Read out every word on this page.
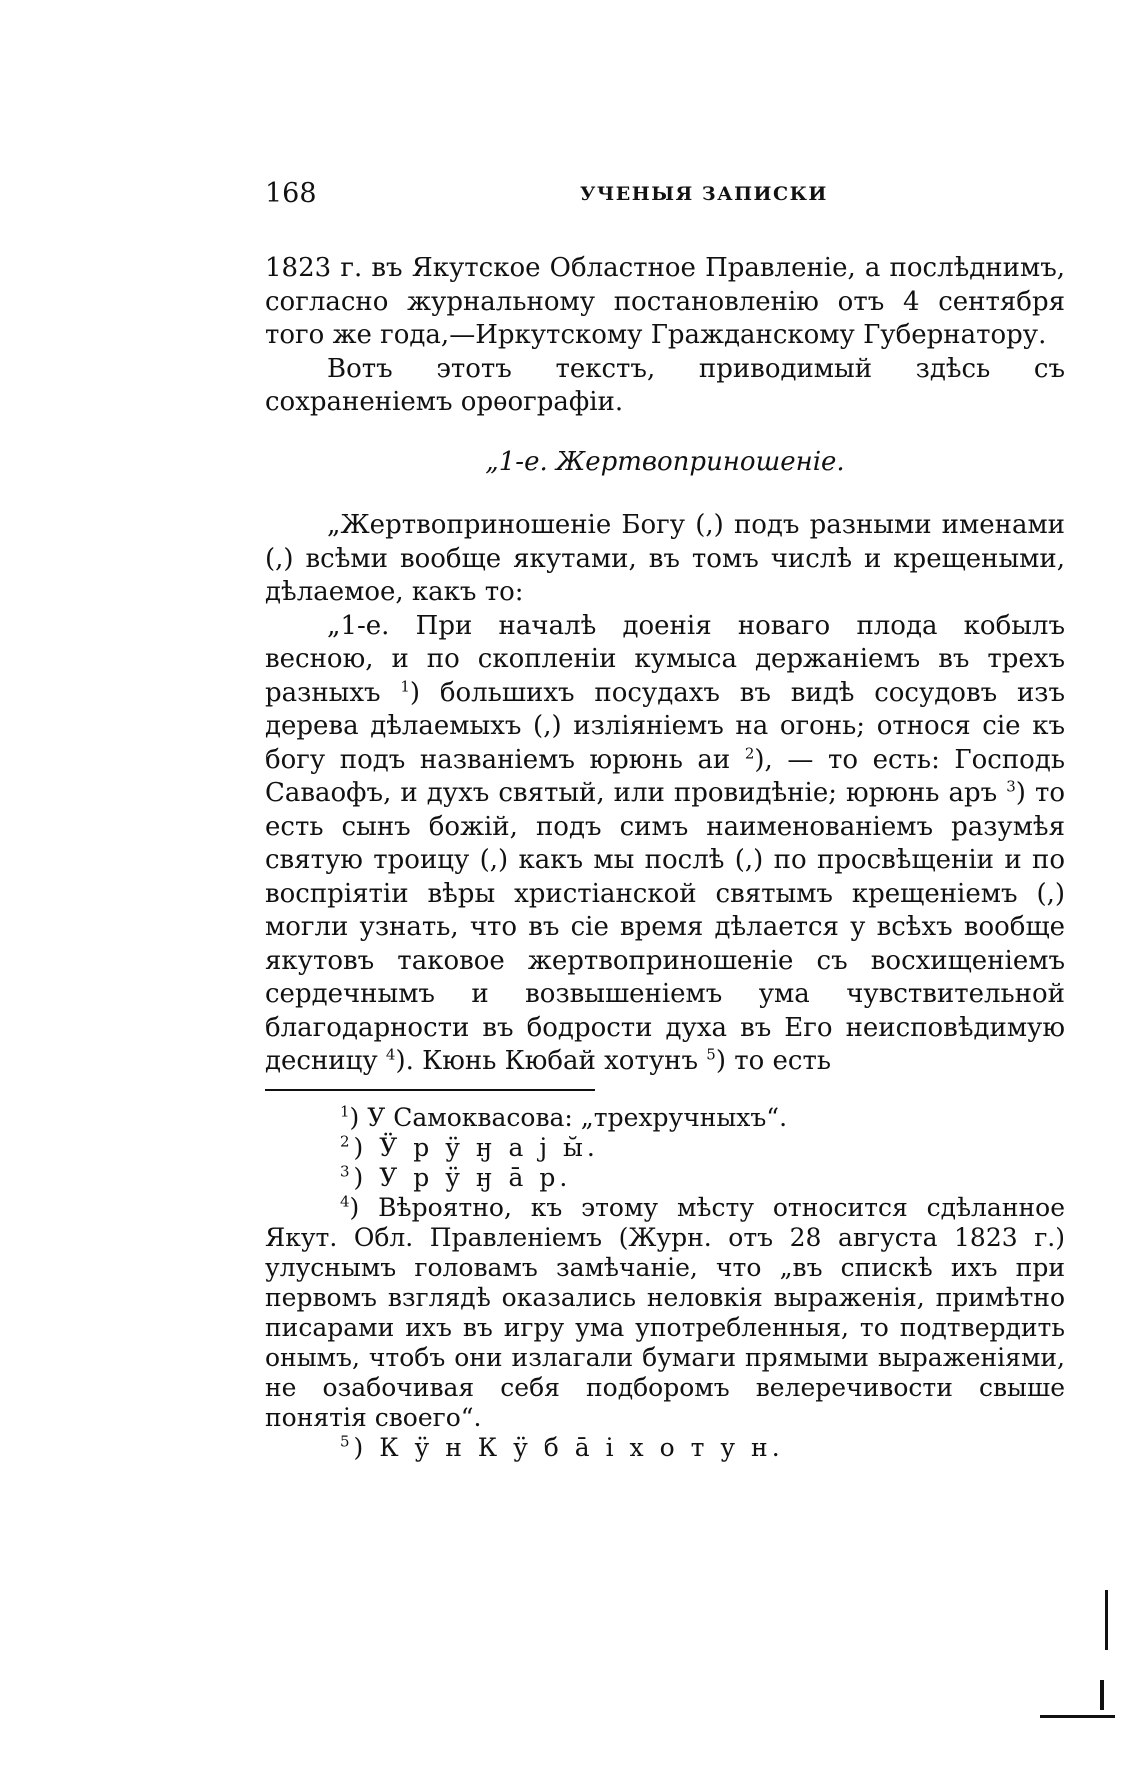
168	УЧЕНЫЯ ЗАПИСКИ

1823 г. въ Якутское Областное Правленіе, а послѣднимъ, согласно журнальному постановленію отъ 4 сентября того же года,—Иркутскому Гражданскому Губернатору.

Вотъ этотъ текстъ, приводимый здѣсь съ сохраненіемъ орѳографіи.

„1-е. Жертвоприношеніе.

„Жертвоприношеніе Богу (,) подъ разными именами (,) всѣми вообще якутами, въ томъ числѣ и крещеными, дѣлаемое, какъ то:

„1-е. При началѣ доенія новаго плода кобылъ весною, и по скопленіи кумыса держаніемъ въ трехъ разныхъ $^1$) большихъ посудахъ въ видѣ сосудовъ изъ дерева дѣлаемыхъ (,) изліяніемъ на огонь; относя сіе къ богу подъ названіемъ юрюнь аи $^2$), — то есть: Господь Саваофъ, и духъ святый, или провидѣніе; юрюнь аръ $^3$) то есть сынъ божій, подъ симъ наименованіемъ разумѣя святую троицу (,) какъ мы послѣ (,) по просвѣщеніи и по воспріятіи вѣры христіанской святымъ крещеніемъ (,) могли узнать, что въ сіе время дѣлается у всѣхъ вообще якутовъ таковое жертвоприношеніе съ восхищеніемъ сердечнымъ и возвышеніемъ ума чувствительной благодарности въ бодрости духа въ Его неисповѣдимую десницу $^4$). Кюнь Кюбай хотунъ $^5$) то есть

$^1$) У Самоквасова: „трехручныхъ“.

$^2$) Ӱ р ӱ ӈ а ј ы̆.

$^3$) У р ӱ ӈ а̄ р.

$^4$) Вѣроятно, къ этому мѣсту относится сдѣланное Якут. Обл. Правленіемъ (Журн. отъ 28 августа 1823 г.) улуснымъ головамъ замѣчаніе, что „въ спискѣ ихъ при первомъ взглядѣ оказались неловкія выраженія, примѣтно писарами ихъ въ игру ума употребленныя, то подтвердить онымъ, чтобъ они излагали бумаги прямыми выраженіями, не озабочивая себя подборомъ велеречивости свыше понятія своего“.

$^5$) К ӱ н К ӱ б а̄ і х о т у н.
